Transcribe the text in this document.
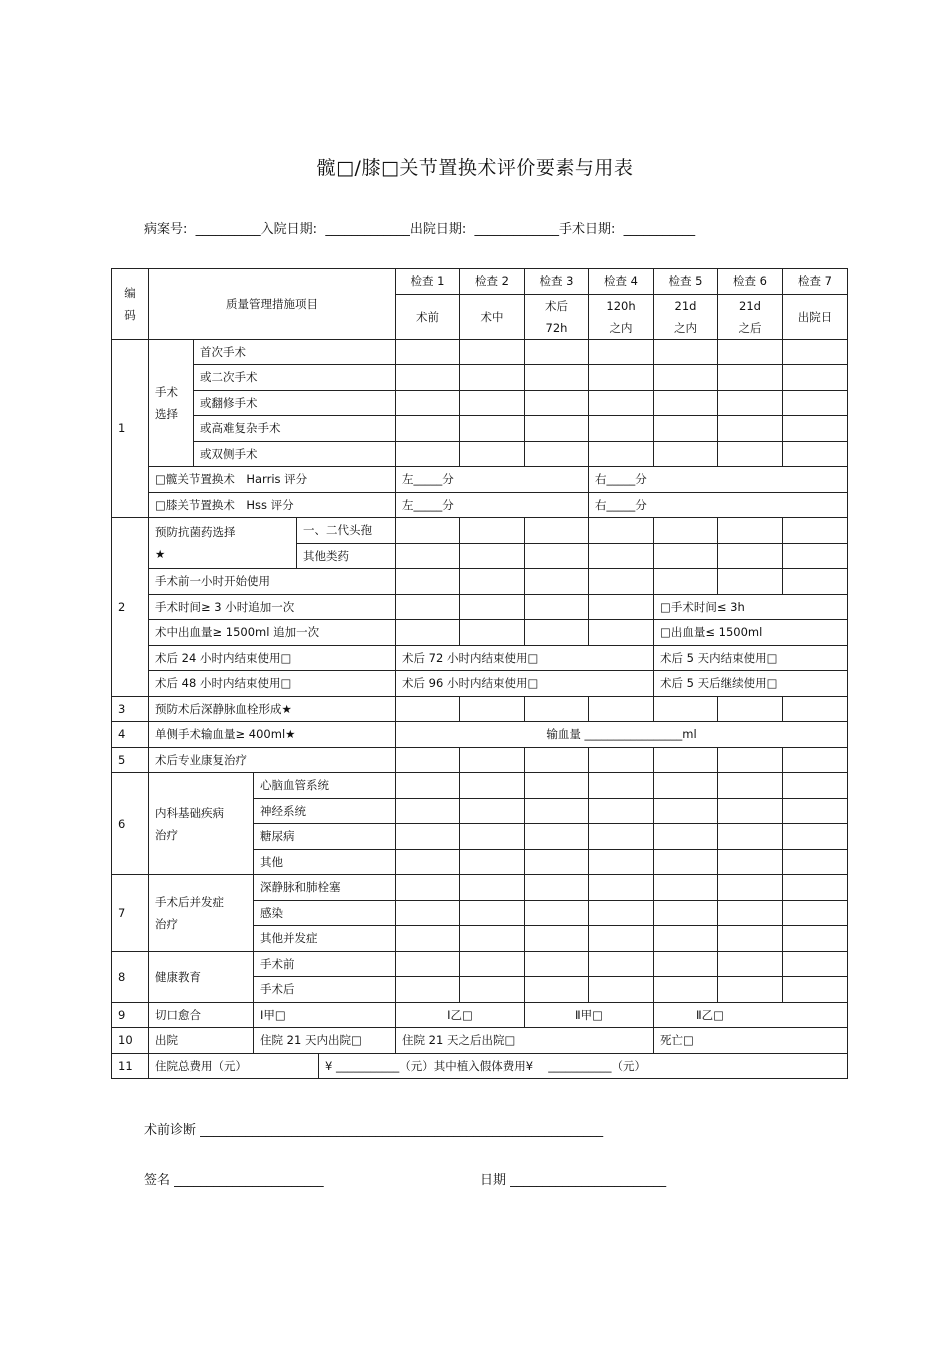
髋□/膝□关节置换术评价要素与用表
病案号: __________入院日期: _____________出院日期: _____________手术日期: ___________
编码	质量管理措施项目					检查 1	检查 2	检查 3	检查 4	检查 5	检查 6	检查 7
						术前	术中	术后72h	120h之内	21d之内	21d之后	出院日
1	手术选择	首次手术										
		或二次手术										
		或翻修手术										
		或高难复杂手术										
		或双侧手术										
	□髋关节置换术　Harris 评分					左_____分			右_____分			
	□膝关节置换术　Hss 评分					左_____分			右_____分			
2	预防抗菌药选择★			一、二代头孢								
				其他类药								
	手术前一小时开始使用											
	手术时间≥ 3 小时追加一次									□手术时间≤ 3h		
	术中出血量≥ 1500ml 追加一次									□出血量≤ 1500ml		
	术后 24 小时内结束使用□					术后 72 小时内结束使用□				术后 5 天内结束使用□		
	术后 48 小时内结束使用□					术后 96 小时内结束使用□				术后 5 天后继续使用□		
3	预防术后深静脉血栓形成★											
4	单侧手术输血量≥ 400ml★					输血量 _________________ml						
5	术后专业康复治疗											
6	内科基础疾病治疗		心脑血管系统									
			神经系统									
			糖尿病									
			其他									
7	手术后并发症治疗		深静脉和肺栓塞									
			感染									
			其他并发症									
8	健康教育		手术前									
			手术后									
9	切口愈合		Ⅰ甲□			Ⅰ乙□		Ⅱ甲□		Ⅱ乙□		
10	出院		住院 21 天内出院□			住院 21 天之后出院□				死亡□		
11	住院总费用（元）				¥ ___________（元）其中植入假体费用¥　 ___________（元）							
术前诊断 ______________________________________________________________
签名 _______________________	日期 ________________________
